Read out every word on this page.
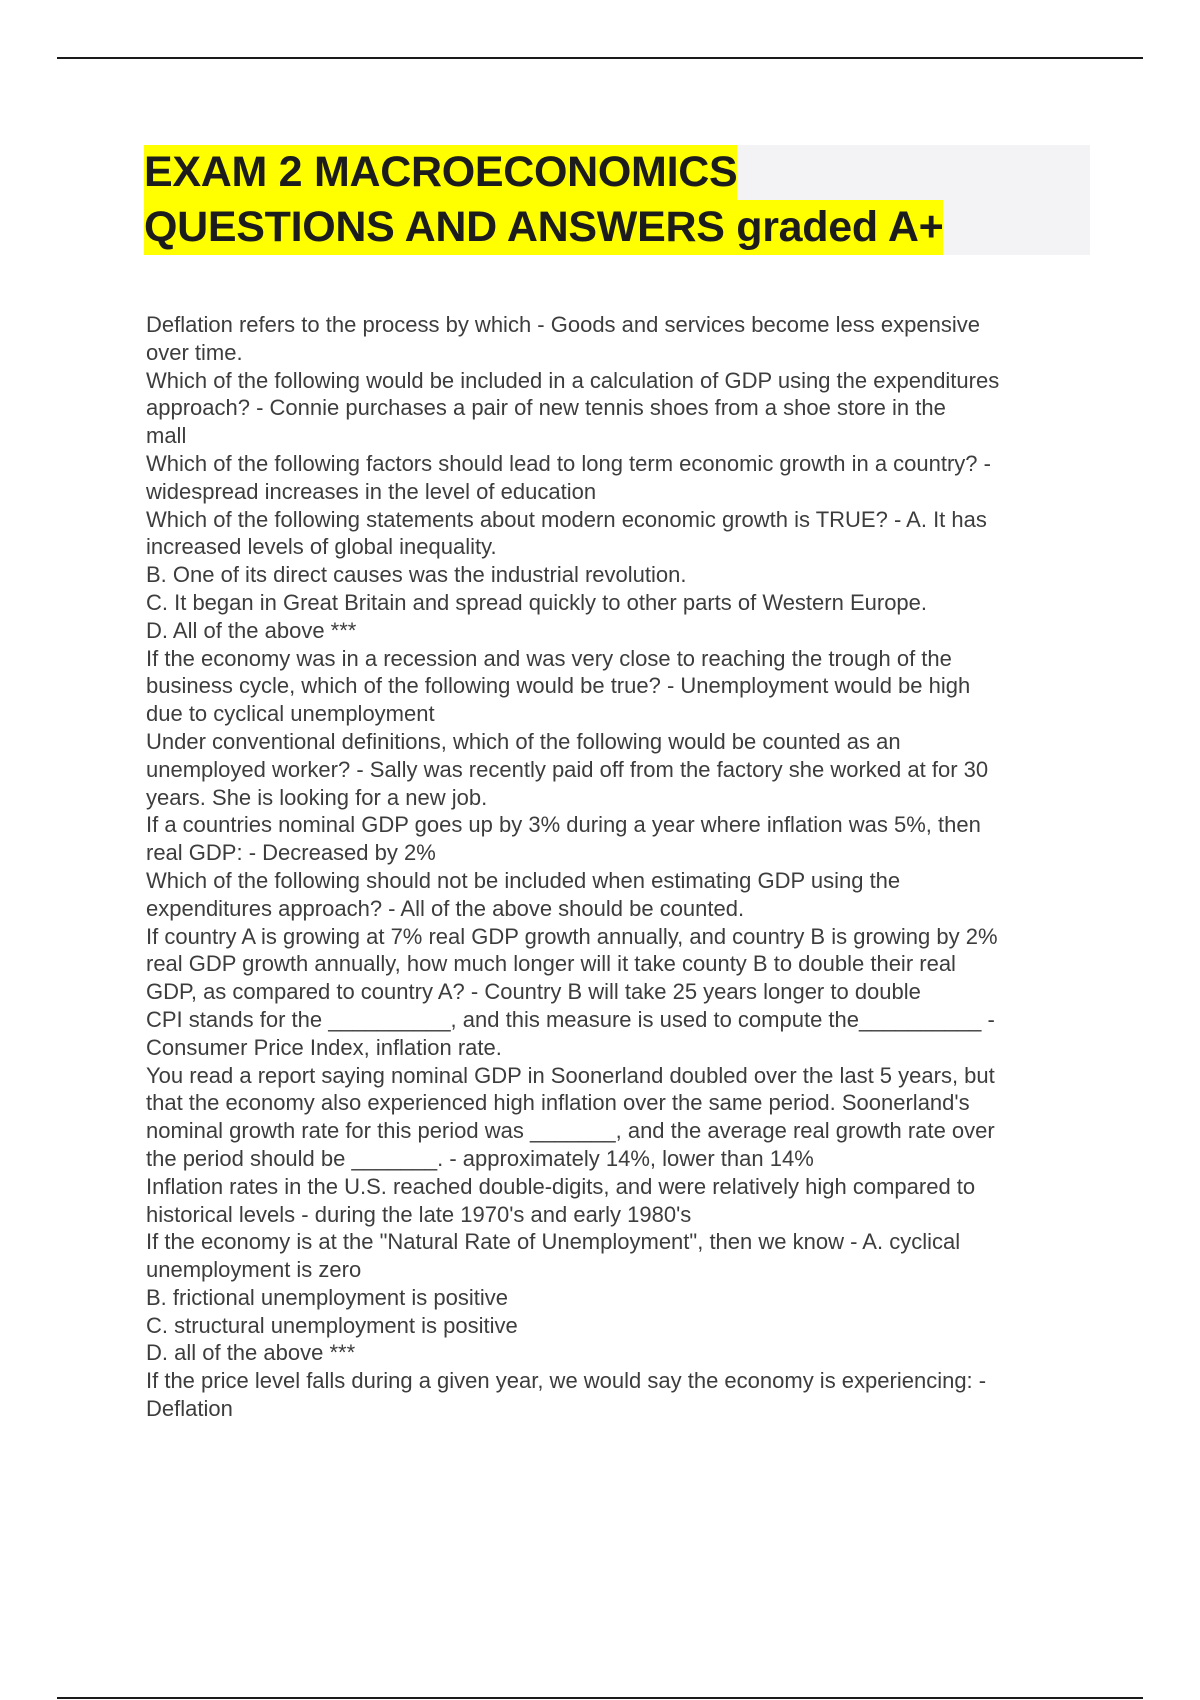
EXAM 2 MACROECONOMICS
QUESTIONS AND ANSWERS graded A+
Deflation refers to the process by which - Goods and services become less expensive
over time.
Which of the following would be included in a calculation of GDP using the expenditures
approach? - Connie purchases a pair of new tennis shoes from a shoe store in the
mall
Which of the following factors should lead to long term economic growth in a country? -
widespread increases in the level of education
Which of the following statements about modern economic growth is TRUE? - A. It has
increased levels of global inequality.
B. One of its direct causes was the industrial revolution.
C. It began in Great Britain and spread quickly to other parts of Western Europe.
D. All of the above ***
If the economy was in a recession and was very close to reaching the trough of the
business cycle, which of the following would be true? - Unemployment would be high
due to cyclical unemployment
Under conventional definitions, which of the following would be counted as an
unemployed worker? - Sally was recently paid off from the factory she worked at for 30
years. She is looking for a new job.
If a countries nominal GDP goes up by 3% during a year where inflation was 5%, then
real GDP: - Decreased by 2%
Which of the following should not be included when estimating GDP using the
expenditures approach? - All of the above should be counted.
If country A is growing at 7% real GDP growth annually, and country B is growing by 2%
real GDP growth annually, how much longer will it take county B to double their real
GDP, as compared to country A? - Country B will take 25 years longer to double
CPI stands for the __________, and this measure is used to compute the__________ -
Consumer Price Index, inflation rate.
You read a report saying nominal GDP in Soonerland doubled over the last 5 years, but
that the economy also experienced high inflation over the same period. Soonerland's
nominal growth rate for this period was _______, and the average real growth rate over
the period should be _______. - approximately 14%, lower than 14%
Inflation rates in the U.S. reached double-digits, and were relatively high compared to
historical levels - during the late 1970's and early 1980's
If the economy is at the "Natural Rate of Unemployment", then we know - A. cyclical
unemployment is zero
B. frictional unemployment is positive
C. structural unemployment is positive
D. all of the above ***
If the price level falls during a given year, we would say the economy is experiencing: -
Deflation
